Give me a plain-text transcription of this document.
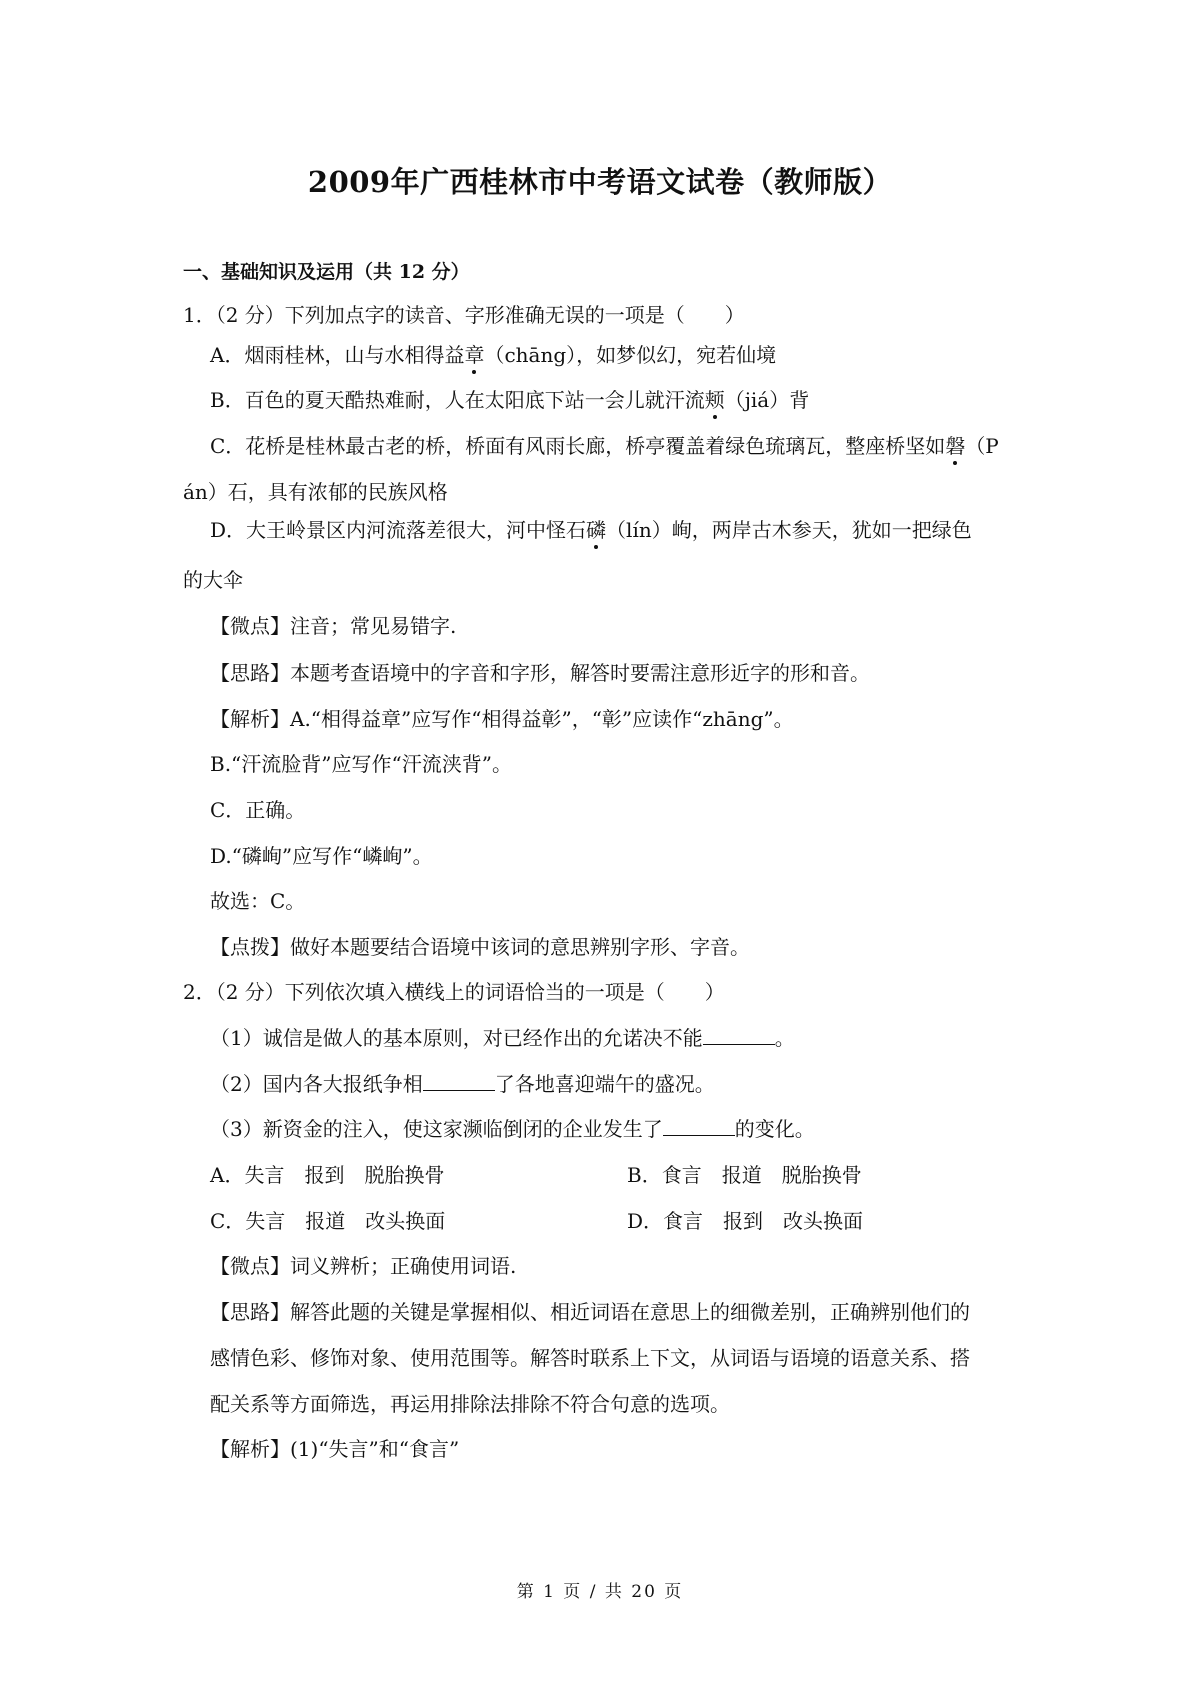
2009年广西桂林市中考语文试卷（教师版）
一、基础知识及运用（共 12 分）
1．（2 分）下列加点字的读音、字形准确无误的一项是（　　）
A．烟雨桂林，山与水相得益章（chāng），如梦似幻，宛若仙境
B．百色的夏天酷热难耐，人在太阳底下站一会儿就汗流颊（jiá）背
C．花桥是桂林最古老的桥，桥面有风雨长廊，桥亭覆盖着绿色琉璃瓦，整座桥坚如磐（P
án）石，具有浓郁的民族风格
D．大王岭景区内河流落差很大，河中怪石磷（lín）峋，两岸古木参天，犹如一把绿色
的大伞
【微点】注音；常见易错字.
【思路】本题考查语境中的字音和字形，解答时要需注意形近字的形和音。
【解析】A.“相得益章”应写作“相得益彰”，“彰”应读作“zhāng”。
B.“汗流脸背”应写作“汗流浃背”。
C．正确。
D.“磷峋”应写作“嶙峋”。
故选：C。
【点拨】做好本题要结合语境中该词的意思辨别字形、字音。
2．（2 分）下列依次填入横线上的词语恰当的一项是（　　）
（1）诚信是做人的基本原则，对已经作出的允诺决不能	。
（2）国内各大报纸争相	了各地喜迎端午的盛况。
（3）新资金的注入，使这家濒临倒闭的企业发生了	的变化。
A．失言　报到　脱胎换骨	B．食言　报道　脱胎换骨
C．失言　报道　改头换面	D．食言　报到　改头换面
【微点】词义辨析；正确使用词语.
【思路】解答此题的关键是掌握相似、相近词语在意思上的细微差别，正确辨别他们的
感情色彩、修饰对象、使用范围等。解答时联系上下文，从词语与语境的语意关系、搭
配关系等方面筛选，再运用排除法排除不符合句意的选项。
【解析】(1)“失言”和“食言”
第 1 页 / 共 20 页
